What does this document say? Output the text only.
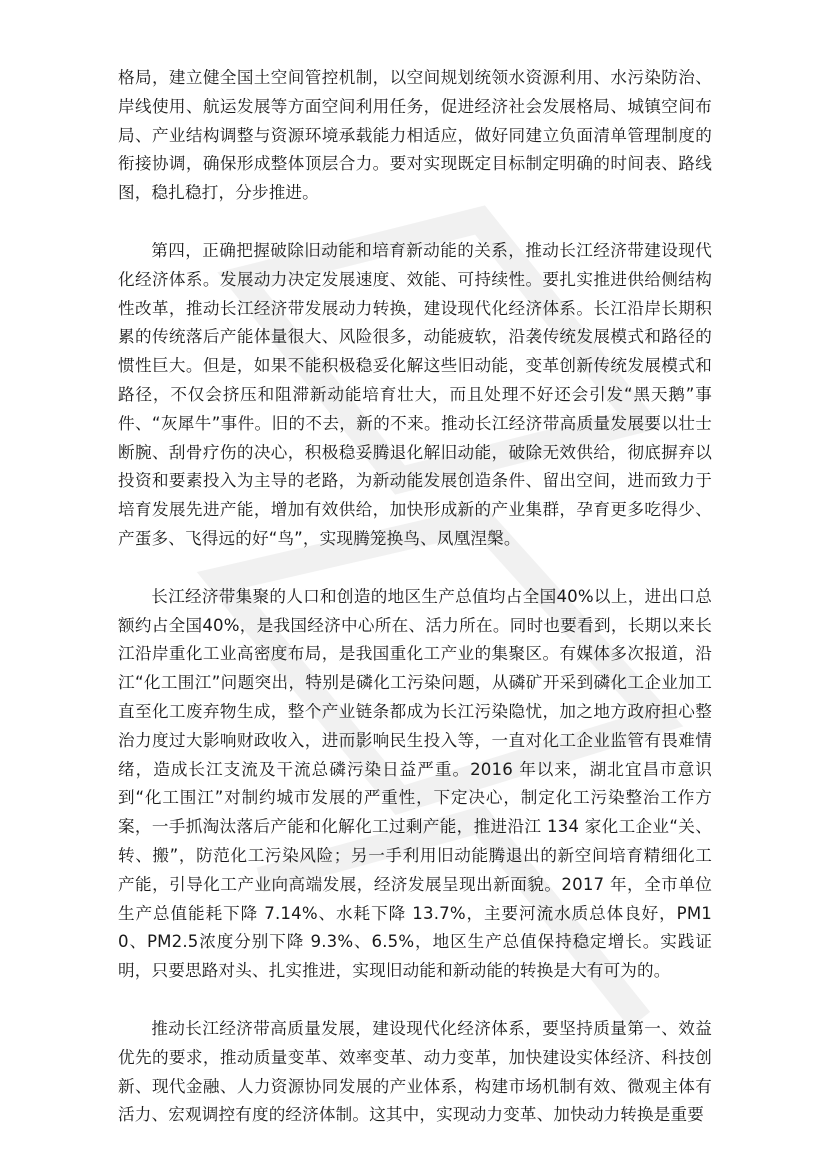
格局，建立健全国土空间管控机制，以空间规划统领水资源利用、水污染防治、岸线使用、航运发展等方面空间利用任务，促进经济社会发展格局、城镇空间布局、产业结构调整与资源环境承载能力相适应，做好同建立负面清单管理制度的衔接协调，确保形成整体顶层合力。要对实现既定目标制定明确的时间表、路线图，稳扎稳打，分步推进。

第四，正确把握破除旧动能和培育新动能的关系，推动长江经济带建设现代化经济体系。发展动力决定发展速度、效能、可持续性。要扎实推进供给侧结构性改革，推动长江经济带发展动力转换，建设现代化经济体系。长江沿岸长期积累的传统落后产能体量很大、风险很多，动能疲软，沿袭传统发展模式和路径的惯性巨大。但是，如果不能积极稳妥化解这些旧动能，变革创新传统发展模式和路径，不仅会挤压和阻滞新动能培育壮大，而且处理不好还会引发“黑天鹅”事件、“灰犀牛”事件。旧的不去，新的不来。推动长江经济带高质量发展要以壮士断腕、刮骨疗伤的决心，积极稳妥腾退化解旧动能，破除无效供给，彻底摒弃以投资和要素投入为主导的老路，为新动能发展创造条件、留出空间，进而致力于培育发展先进产能，增加有效供给，加快形成新的产业集群，孕育更多吃得少、产蛋多、飞得远的好“鸟”，实现腾笼换鸟、凤凰涅槃。

长江经济带集聚的人口和创造的地区生产总值均占全国40%以上，进出口总额约占全国40%，是我国经济中心所在、活力所在。同时也要看到，长期以来长江沿岸重化工业高密度布局，是我国重化工产业的集聚区。有媒体多次报道，沿江“化工围江”问题突出，特别是磷化工污染问题，从磷矿开采到磷化工企业加工直至化工废弃物生成，整个产业链条都成为长江污染隐忧，加之地方政府担心整治力度过大影响财政收入，进而影响民生投入等，一直对化工企业监管有畏难情绪，造成长江支流及干流总磷污染日益严重。2016 年以来，湖北宜昌市意识到“化工围江”对制约城市发展的严重性，下定决心，制定化工污染整治工作方案，一手抓淘汰落后产能和化解化工过剩产能，推进沿江 134 家化工企业“关、转、搬”，防范化工污染风险；另一手利用旧动能腾退出的新空间培育精细化工产能，引导化工产业向高端发展，经济发展呈现出新面貌。2017 年，全市单位生产总值能耗下降 7.14%、水耗下降 13.7%，主要河流水质总体良好，PM10、PM2.5浓度分别下降 9.3%、6.5%，地区生产总值保持稳定增长。实践证明，只要思路对头、扎实推进，实现旧动能和新动能的转换是大有可为的。

推动长江经济带高质量发展，建设现代化经济体系，要坚持质量第一、效益优先的要求，推动质量变革、效率变革、动力变革，加快建设实体经济、科技创新、现代金融、人力资源协同发展的产业体系，构建市场机制有效、微观主体有活力、宏观调控有度的经济体制。这其中，实现动力变革、加快动力转换是重要
